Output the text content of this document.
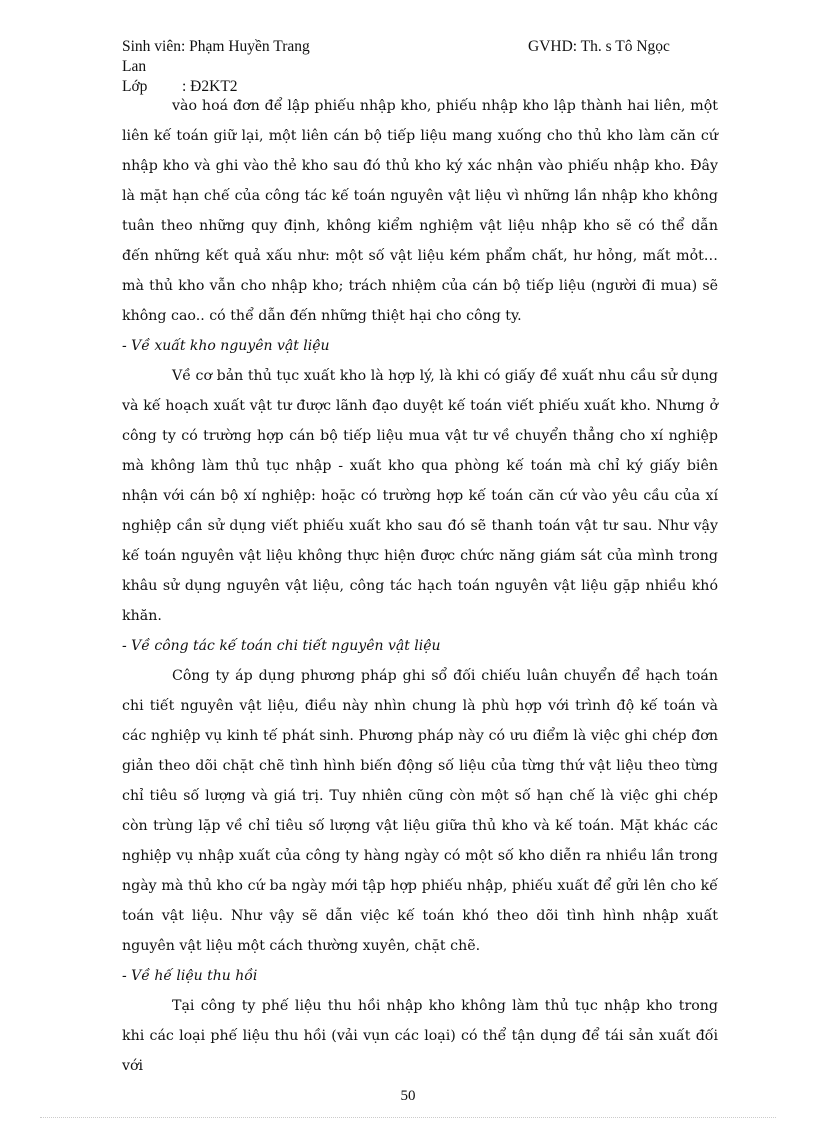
Sinh viên: Phạm Huyền Trang	GVHD: Th. s Tô Ngọc
Lan
Lớp : Đ2KT2

vào hoá đơn để lập phiếu nhập kho, phiếu nhập kho lập thành hai liên, một liên kế toán giữ lại, một liên cán bộ tiếp liệu mang xuống cho thủ kho làm căn cứ nhập kho và ghi vào thẻ kho sau đó thủ kho ký xác nhận vào phiếu nhập kho. Đây là mặt hạn chế của công tác kế toán nguyên vật liệu vì những lần nhập kho không tuân theo những quy định, không kiểm nghiệm vật liệu nhập kho sẽ có thể dẫn đến những kết quả xấu như: một số vật liệu kém phẩm chất, hư hỏng, mất mỏt… mà thủ kho vẫn cho nhập kho; trách nhiệm của cán bộ tiếp liệu (người đi mua) sẽ không cao.. có thể dẫn đến những thiệt hại cho công ty.

- Về xuất kho nguyên vật liệu

Về cơ bản thủ tục xuất kho là hợp lý, là khi có giấy đề xuất nhu cầu sử dụng và kế hoạch xuất vật tư được lãnh đạo duyệt kế toán viết phiếu xuất kho. Nhưng ở công ty có trường hợp cán bộ tiếp liệu mua vật tư về chuyển thẳng cho xí nghiệp mà không làm thủ tục nhập - xuất kho qua phòng kế toán mà chỉ ký giấy biên nhận với cán bộ xí nghiệp: hoặc có trường hợp kế toán căn cứ vào yêu cầu của xí nghiệp cần sử dụng viết phiếu xuất kho sau đó sẽ thanh toán vật tư sau. Như vậy kế toán nguyên vật liệu không thực hiện được chức năng giám sát của mình trong khâu sử dụng nguyên vật liệu, công tác hạch toán nguyên vật liệu gặp nhiều khó khăn.

- Về công tác kế toán chi tiết nguyên vật liệu

Công ty áp dụng phương pháp ghi sổ đối chiếu luân chuyển để hạch toán chi tiết nguyên vật liệu, điều này nhìn chung là phù hợp với trình độ kế toán và các nghiệp vụ kinh tế phát sinh. Phương pháp này có ưu điểm là việc ghi chép đơn giản theo dõi chặt chẽ tình hình biến động số liệu của từng thứ vật liệu theo từng chỉ tiêu số lượng và giá trị. Tuy nhiên cũng còn một số hạn chế là việc ghi chép còn trùng lặp về chỉ tiêu số lượng vật liệu giữa thủ kho và kế toán. Mặt khác các nghiệp vụ nhập xuất của công ty hàng ngày có một số kho diễn ra nhiều lần trong ngày mà thủ kho cứ ba ngày mới tập hợp phiếu nhập, phiếu xuất để gửi lên cho kế toán vật liệu. Như vậy sẽ dẫn việc kế toán khó theo dõi tình hình nhập xuất nguyên vật liệu một cách thường xuyên, chặt chẽ.

- Về hế liệu thu hồi

Tại công ty phế liệu thu hồi nhập kho không làm thủ tục nhập kho trong khi các loại phế liệu thu hồi (vải vụn các loại) có thể tận dụng để tái sản xuất đối với

50
